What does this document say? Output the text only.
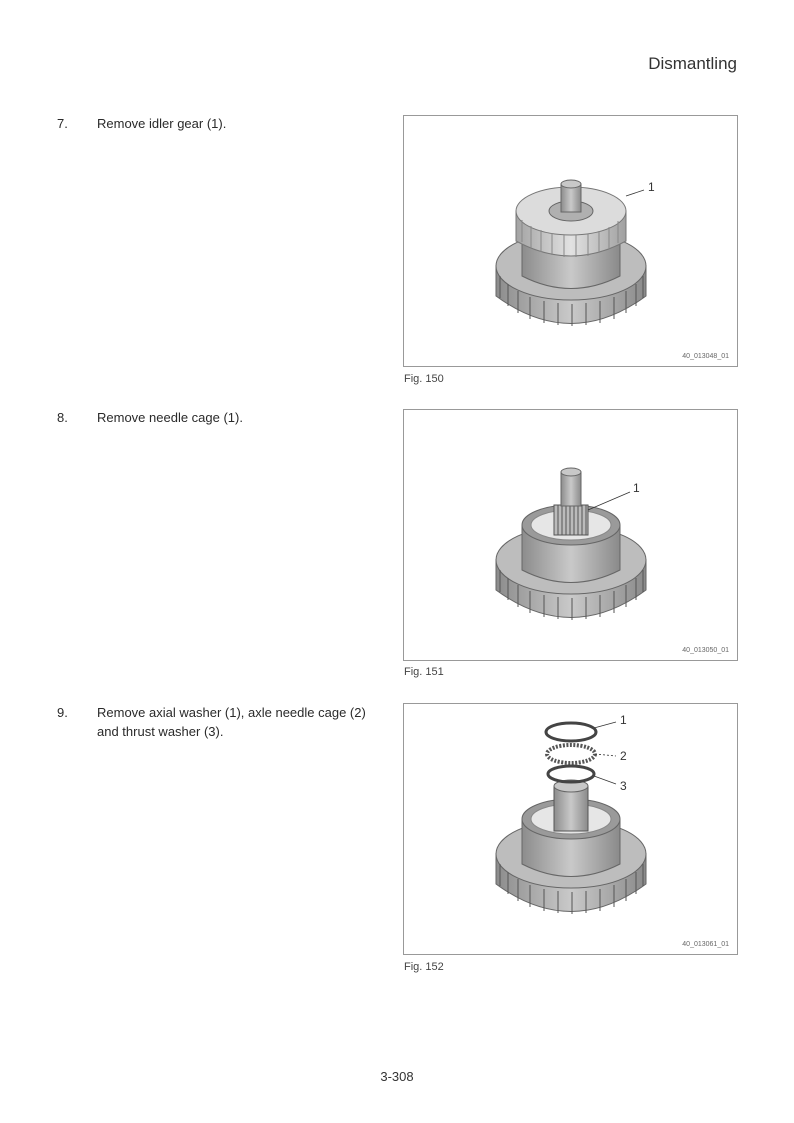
Dismantling
7.	Remove idler gear (1).
1
40_013048_01
Fig. 150
8.	Remove needle cage (1).
1
40_013050_01
Fig. 151
9.	Remove axial washer (1), axle needle cage (2) and thrust washer (3).
1
2
3
40_013061_01
Fig. 152
3-308
